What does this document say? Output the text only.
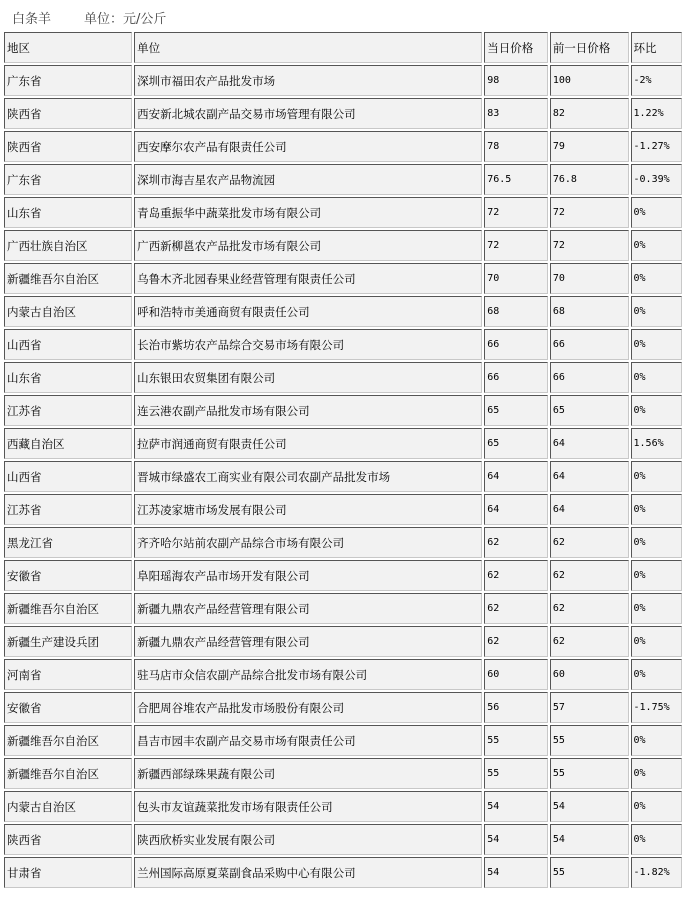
白条羊	单位：元/公斤
地区	单位	当日价格	前一日价格	环比
广东省	深圳市福田农产品批发市场	98	100	-2%
陕西省	西安新北城农副产品交易市场管理有限公司	83	82	1.22%
陕西省	西安摩尔农产品有限责任公司	78	79	-1.27%
广东省	深圳市海吉星农产品物流园	76.5	76.8	-0.39%
山东省	青岛重振华中蔬菜批发市场有限公司	72	72	0%
广西壮族自治区	广西新柳邕农产品批发市场有限公司	72	72	0%
新疆维吾尔自治区	乌鲁木齐北园春果业经营管理有限责任公司	70	70	0%
内蒙古自治区	呼和浩特市美通商贸有限责任公司	68	68	0%
山西省	长治市紫坊农产品综合交易市场有限公司	66	66	0%
山东省	山东银田农贸集团有限公司	66	66	0%
江苏省	连云港农副产品批发市场有限公司	65	65	0%
西藏自治区	拉萨市润通商贸有限责任公司	65	64	1.56%
山西省	晋城市绿盛农工商实业有限公司农副产品批发市场	64	64	0%
江苏省	江苏凌家塘市场发展有限公司	64	64	0%
黑龙江省	齐齐哈尔站前农副产品综合市场有限公司	62	62	0%
安徽省	阜阳瑶海农产品市场开发有限公司	62	62	0%
新疆维吾尔自治区	新疆九鼎农产品经营管理有限公司	62	62	0%
新疆生产建设兵团	新疆九鼎农产品经营管理有限公司	62	62	0%
河南省	驻马店市众信农副产品综合批发市场有限公司	60	60	0%
安徽省	合肥周谷堆农产品批发市场股份有限公司	56	57	-1.75%
新疆维吾尔自治区	昌吉市园丰农副产品交易市场有限责任公司	55	55	0%
新疆维吾尔自治区	新疆西部绿珠果蔬有限公司	55	55	0%
内蒙古自治区	包头市友谊蔬菜批发市场有限责任公司	54	54	0%
陕西省	陕西欣桥实业发展有限公司	54	54	0%
甘肃省	兰州国际高原夏菜副食品采购中心有限公司	54	55	-1.82%
